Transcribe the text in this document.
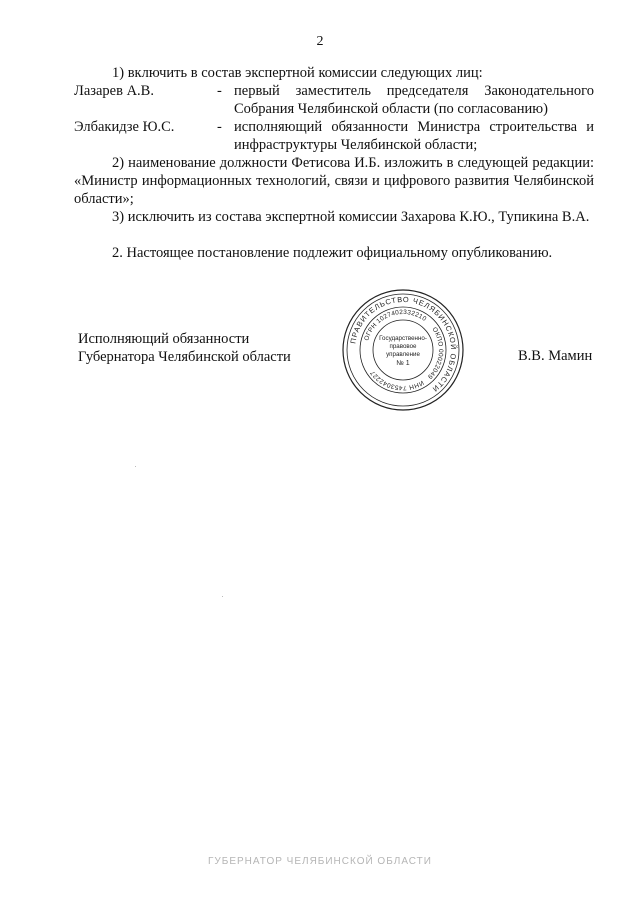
2
1) включить в состав экспертной комиссии следующих лиц:
Лазарев А.В.	- первый заместитель председателя Законодательного Собрания Челябинской области (по согласованию)
Элбакидзе Ю.С.	- исполняющий обязанности Министра строительства и инфраструктуры Челябинской области;
2) наименование должности Фетисова И.Б. изложить в следующей редакции: «Министр информационных технологий, связи и цифрового развития Челябинской области»;
3) исключить из состава экспертной комиссии Захарова К.Ю., Тупикина В.А.
2. Настоящее постановление подлежит официальному опубликованию.
Исполняющий обязанности
Губернатора Челябинской области
ПРАВИТЕЛЬСТВО ЧЕЛЯБИНСКОЙ ОБЛАСТИ
ОГРН 1027402332210
ОКПО 00022049
ИНН 7453042227
Государственно-
правовое
управление
№ 1	В.В. Мамин
ГУБЕРНАТОР ЧЕЛЯБИНСКОЙ ОБЛАСТИ
